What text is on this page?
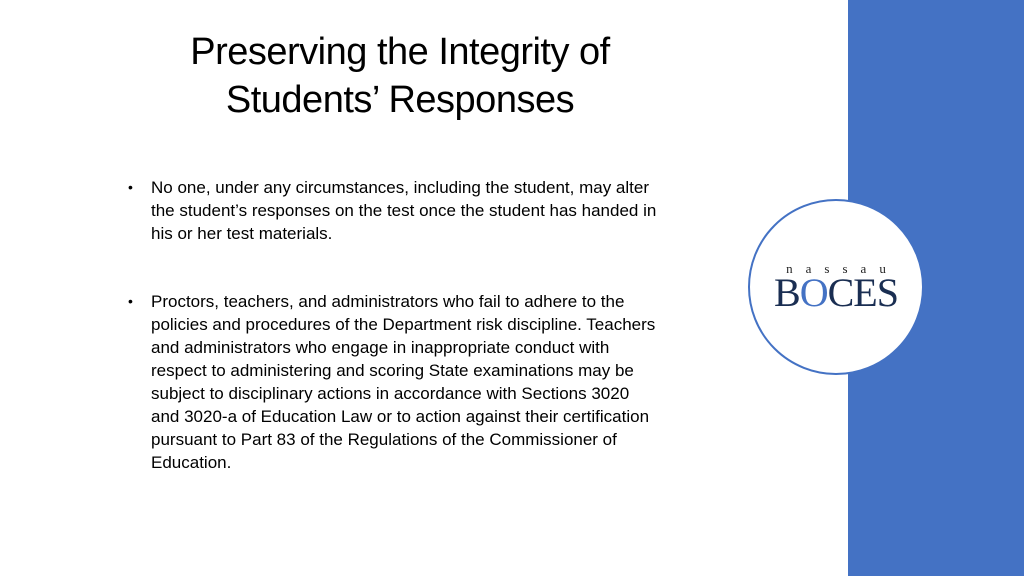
Preserving the Integrity of
Students’ Responses
• No one, under any circumstances, including the student, may alter the student’s responses on the test once the student has handed in his or her test materials.
• Proctors, teachers, and administrators who fail to adhere to the policies and procedures of the Department risk discipline. Teachers and administrators who engage in inappropriate conduct with respect to administering and scoring State examinations may be subject to disciplinary actions in accordance with Sections 3020 and 3020-a of Education Law or to action against their certification pursuant to Part 83 of the Regulations of the Commissioner of Education.
nassau
BOCES
